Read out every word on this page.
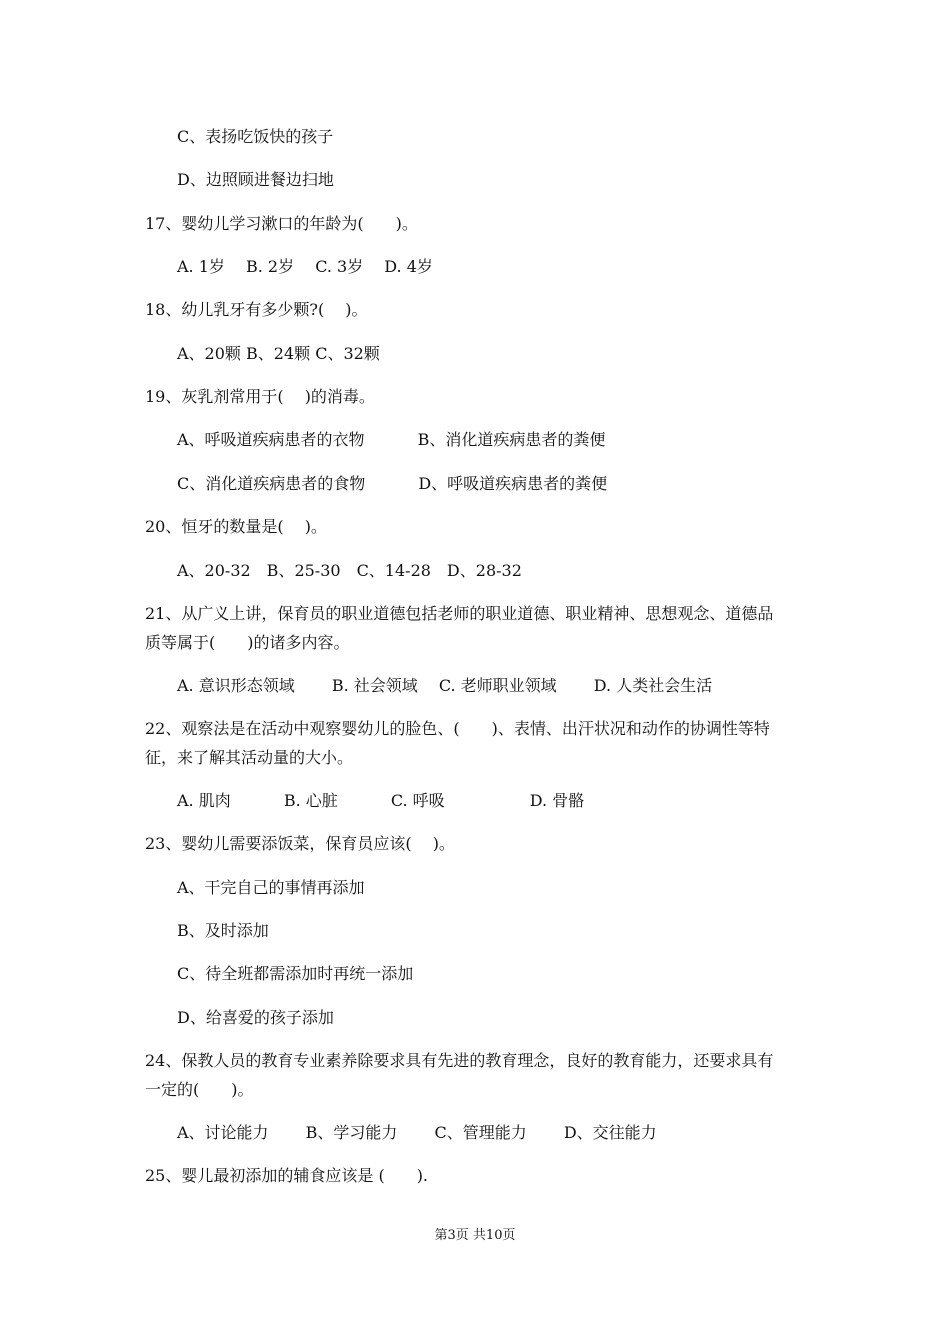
C、表扬吃饭快的孩子
D、边照顾进餐边扫地
17、婴幼儿学习漱口的年龄为(　　)。
A. 1岁　 B. 2岁　 C. 3岁　 D. 4岁
18、幼儿乳牙有多少颗?(　 )。
A、20颗 B、24颗 C、32颗
19、灰乳剂常用于(　 )的消毒。
A、呼吸道疾病患者的衣物　　　 B、消化道疾病患者的粪便
C、消化道疾病患者的食物　　　 D、呼吸道疾病患者的粪便
20、恒牙的数量是(　 )。
A、20-32　B、25-30　C、14-28　D、28-32
21、从广义上讲，保育员的职业道德包括老师的职业道德、职业精神、思想观念、道德品
质等属于(　　)的诸多内容。
A. 意识形态领域　　 B. 社会领域　 C. 老师职业领域　　 D. 人类社会生活
22、观察法是在活动中观察婴幼儿的脸色、(　　)、表情、出汗状况和动作的协调性等特
征，来了解其活动量的大小。
A. 肌肉　　　 B. 心脏　　　 C. 呼吸　　　　　 D. 骨骼
23、婴幼儿需要添饭菜，保育员应该(　 )。
A、干完自己的事情再添加
B、及时添加
C、待全班都需添加时再统一添加
D、给喜爱的孩子添加
24、保教人员的教育专业素养除要求具有先进的教育理念，良好的教育能力，还要求具有
一定的(　　)。
A、讨论能力　　 B、学习能力　　 C、管理能力　　 D、交往能力
25、婴儿最初添加的辅食应该是 (　　).
第3页 共10页
